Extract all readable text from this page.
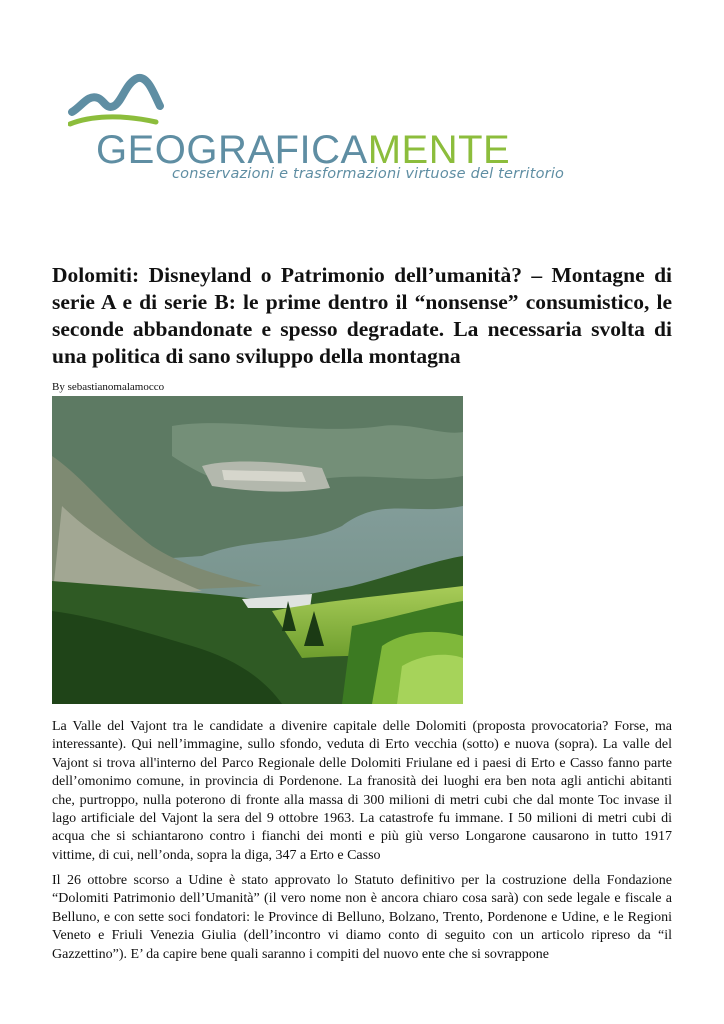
GEOGRAFICAMENTE
conservazioni e trasformazioni virtuose del territorio
Dolomiti: Disneyland o Patrimonio dell’umanità? – Montagne di serie A e di serie B: le prime dentro il “nonsense” consumistico, le seconde abbandonate e spesso degradate. La necessaria svolta di una politica di sano sviluppo della montagna

By sebastianomalamocco

La Valle del Vajont tra le candidate a divenire capitale delle Dolomiti (proposta provocatoria? Forse, ma interessante). Qui nell’immagine, sullo sfondo, veduta di Erto vecchia (sotto) e nuova (sopra). La valle del Vajont si trova all'interno del Parco Regionale delle Dolomiti Friulane ed i paesi di Erto e Casso fanno parte dell’omonimo comune, in provincia di Pordenone. La franosità dei luoghi era ben nota agli antichi abitanti che, purtroppo, nulla poterono di fronte alla massa di 300 milioni di metri cubi che dal monte Toc invase il lago artificiale del Vajont la sera del 9 ottobre 1963. La catastrofe fu immane. I 50 milioni di metri cubi di acqua che si schiantarono contro i fianchi dei monti e più giù verso Longarone causarono in tutto 1917 vittime, di cui, nell’onda, sopra la diga, 347 a Erto e Casso

Il 26 ottobre scorso a Udine è stato approvato lo Statuto definitivo per la costruzione della Fondazione “Dolomiti Patrimonio dell’Umanità” (il vero nome non è ancora chiaro cosa sarà) con sede legale e fiscale a Belluno, e con sette soci fondatori: le Province di Belluno, Bolzano, Trento, Pordenone e Udine, e le Regioni Veneto e Friuli Venezia Giulia (dell’incontro vi diamo conto di seguito con un articolo ripreso da “il Gazzettino”). E’ da capire bene quali saranno i compiti del nuovo ente che si sovrappone
